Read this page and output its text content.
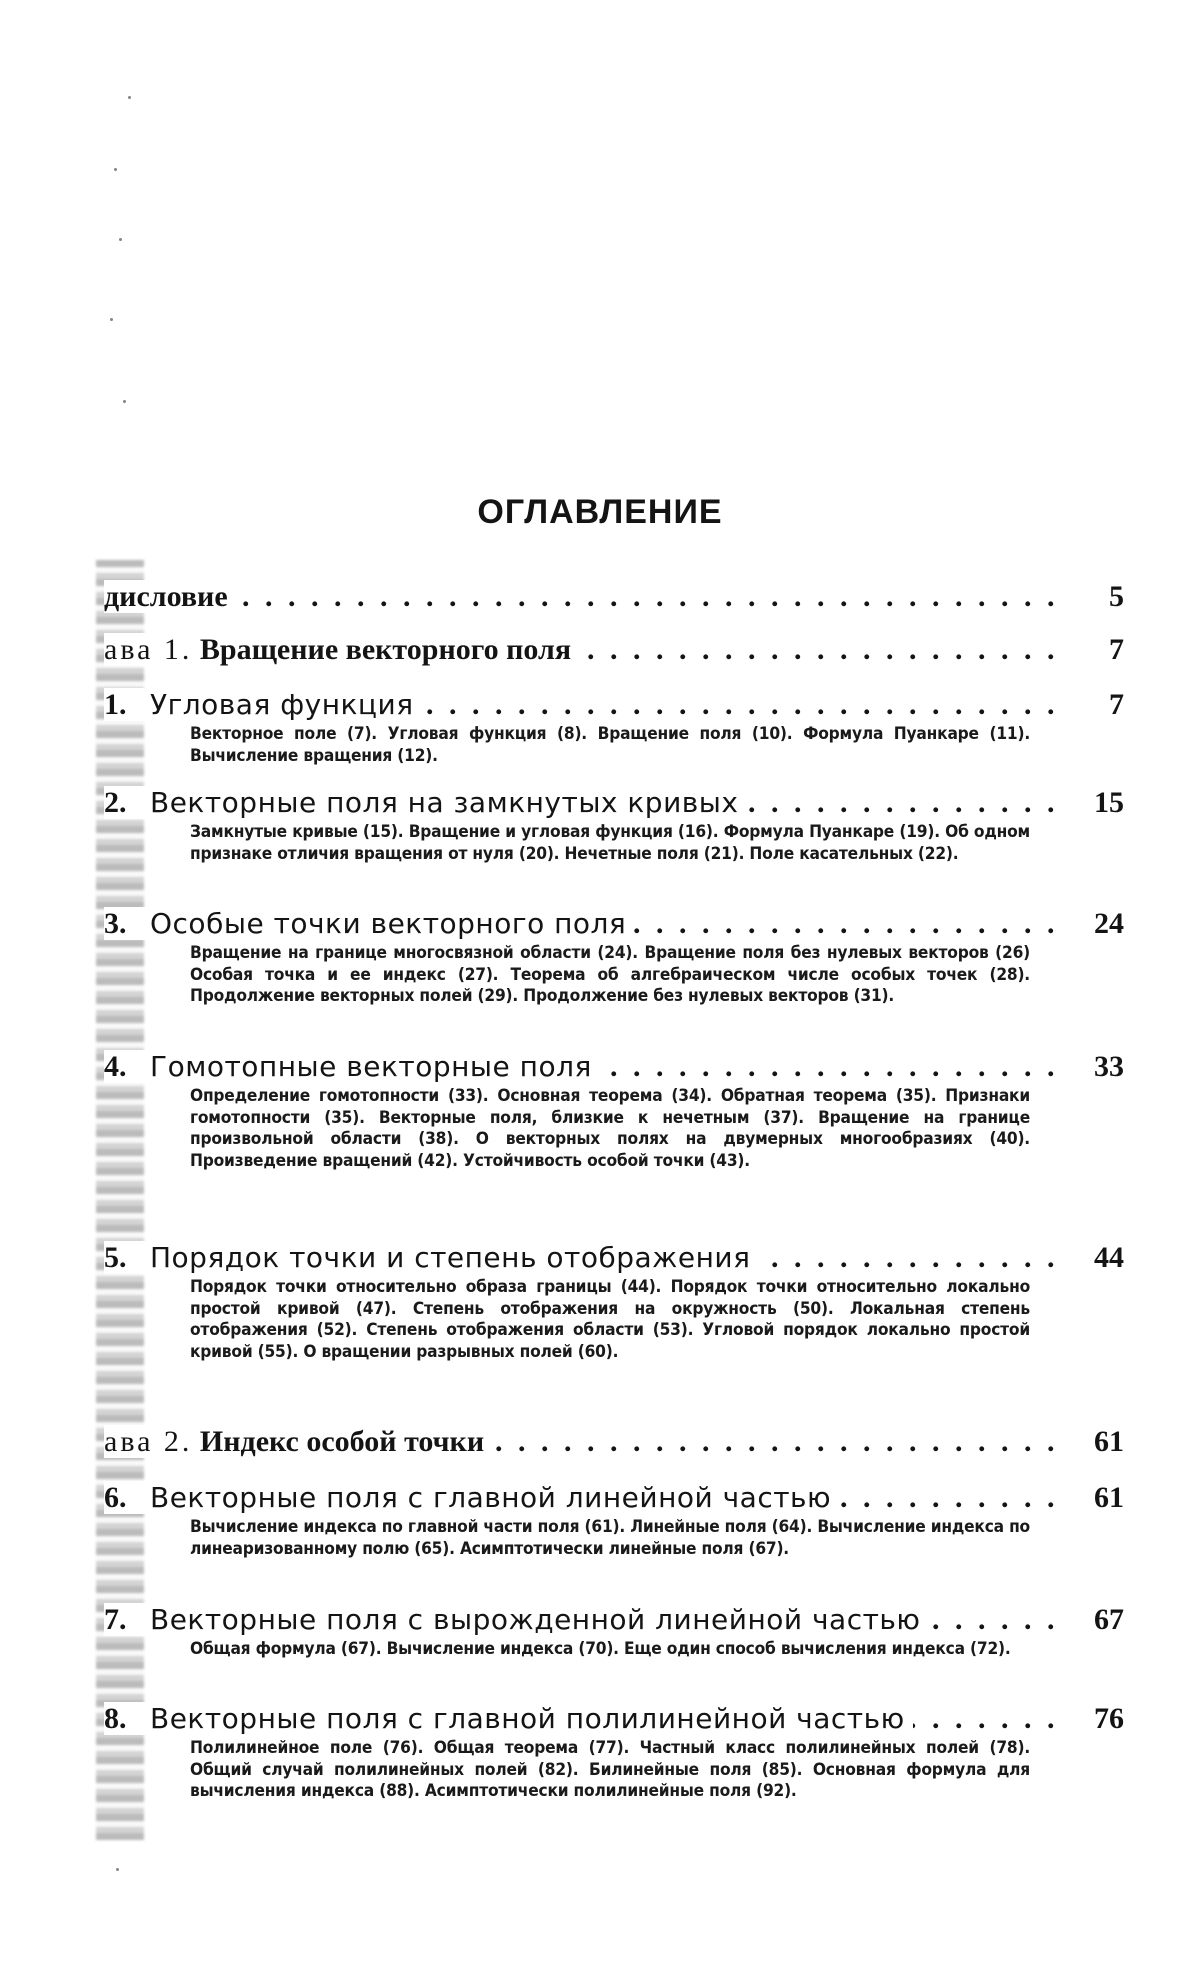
ОГЛАВЛЕНИЕ
дисловие . . .	5
ава 1. Вращение векторного поля . . .	7
1. Угловая функция . . .	7
Векторное поле (7). Угловая функция (8). Вращение поля (10). Формула Пуанкаре (11). Вычисление вращения (12).
2. Векторные поля на замкнутых кривых . . .	15
Замкнутые кривые (15). Вращение и угловая функция (16). Формула Пуанкаре (19). Об одном признаке отличия вращения от нуля (20). Нечетные поля (21). Поле касательных (22).
3. Особые точки векторного поля . . .	24
Вращение на границе многосвязной области (24). Вращение поля без нулевых векторов (26) Особая точка и ее индекс (27). Теорема об алгебраическом числе особых точек (28). Продолжение векторных полей (29). Продолжение без нулевых векторов (31).
4. Гомотопные векторные поля . . .	33
Определение гомотопности (33). Основная теорема (34). Обратная теорема (35). Признаки гомотопности (35). Векторные поля, близкие к нечетным (37). Вращение на границе произвольной области (38). О векторных полях на двумерных многообразиях (40). Произведение вращений (42). Устойчивость особой точки (43).
5. Порядок точки и степень отображения . . .	44
Порядок точки относительно образа границы (44). Порядок точки относительно локально простой кривой (47). Степень отображения на окружность (50). Локальная степень отображения (52). Степень отображения области (53). Угловой порядок локально простой кривой (55). О вращении разрывных полей (60).
ава 2. Индекс особой точки . . .	61
6. Векторные поля с главной линейной частью . . .	61
Вычисление индекса по главной части поля (61). Линейные поля (64). Вычисление индекса по линеаризованному полю (65). Асимптотически линейные поля (67).
7. Векторные поля с вырожденной линейной частью . . .	67
Общая формула (67). Вычисление индекса (70). Еще один способ вычисления индекса (72).
8. Векторные поля с главной полилинейной частью . . .	76
Полилинейное поле (76). Общая теорема (77). Частный класс полилинейных полей (78). Общий случай полилинейных полей (82). Билинейные поля (85). Основная формула для вычисления индекса (88). Асимптотически полилинейные поля (92).
